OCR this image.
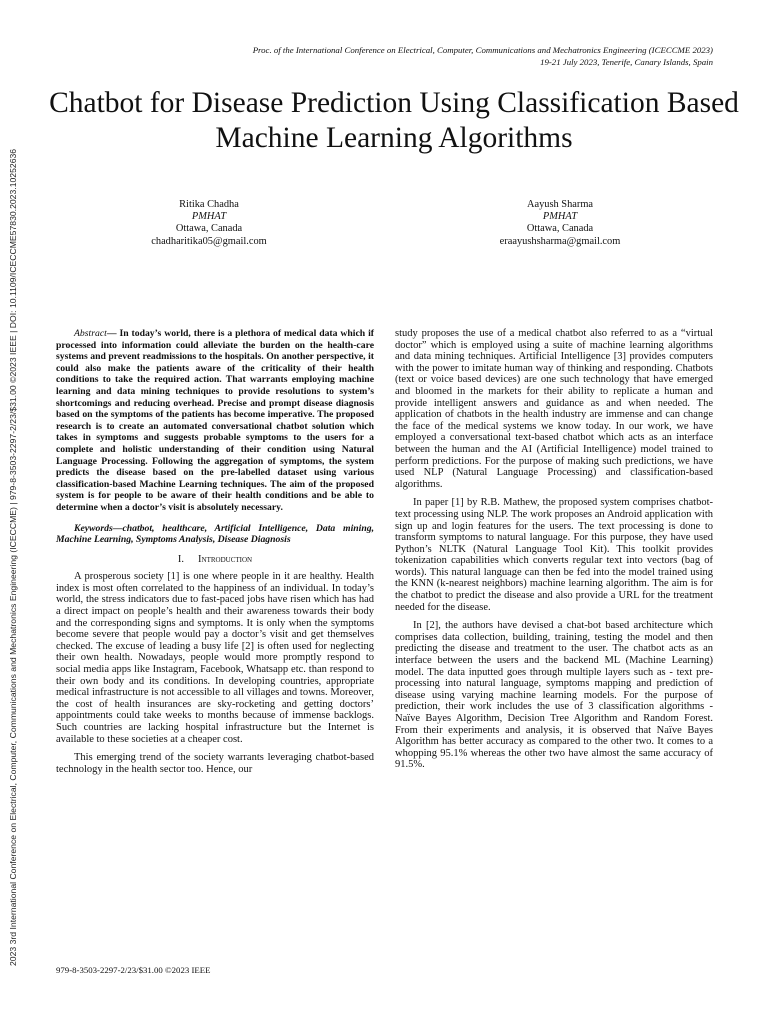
2023 3rd International Conference on Electrical, Computer, Communications and Mechatronics Engineering (ICECCME) | 979-8-3503-2297-2/23/$31.00 ©2023 IEEE | DOI: 10.1109/ICECCME57830.2023.10252636
Proc. of the International Conference on Electrical, Computer, Communications and Mechatronics Engineering (ICECCME 2023)
19-21 July 2023, Tenerife, Canary Islands, Spain
Chatbot for Disease Prediction Using Classification Based Machine Learning Algorithms
Ritika Chadha
PMHAT
Ottawa, Canada
chadharitika05@gmail.com
Aayush Sharma
PMHAT
Ottawa, Canada
eraayushsharma@gmail.com

Abstract— In today’s world, there is a plethora of medical data which if processed into information could alleviate the burden on the health-care systems and prevent readmissions to the hospitals. On another perspective, it could also make the patients aware of the criticality of their health conditions to take the required action. That warrants employing machine learning and data mining techniques to provide resolutions to system’s shortcomings and reducing overhead. Precise and prompt disease diagnosis based on the symptoms of the patients has become imperative. The proposed research is to create an automated conversational chatbot solution which takes in symptoms and suggests probable symptoms to the users for a complete and holistic understanding of their condition using Natural Language Processing. Following the aggregation of symptoms, the system predicts the disease based on the pre-labelled dataset using various classification-based Machine Learning techniques. The aim of the proposed system is for people to be aware of their health conditions and be able to determine when a doctor’s visit is absolutely necessary.

Keywords—chatbot, healthcare, Artificial Intelligence, Data mining, Machine Learning, Symptoms Analysis, Disease Diagnosis

I. Introduction

A prosperous society [1] is one where people in it are healthy. Health index is most often correlated to the happiness of an individual. In today’s world, the stress indicators due to fast-paced jobs have risen which has had a direct impact on people’s health and their awareness towards their body and the corresponding signs and symptoms. It is only when the symptoms become severe that people would pay a doctor’s visit and get themselves checked. The excuse of leading a busy life [2] is often used for neglecting their own health. Nowadays, people would more promptly respond to social media apps like Instagram, Facebook, Whatsapp etc. than respond to their own body and its conditions. In developing countries, appropriate medical infrastructure is not accessible to all villages and towns. Moreover, the cost of health insurances are sky-rocketing and getting doctors’ appointments could take weeks to months because of immense backlogs. Such countries are lacking hospital infrastructure but the Internet is available to these societies at a cheaper cost.

This emerging trend of the society warrants leveraging chatbot-based technology in the health sector too. Hence, our

study proposes the use of a medical chatbot also referred to as a “virtual doctor” which is employed using a suite of machine learning algorithms and data mining techniques. Artificial Intelligence [3] provides computers with the power to imitate human way of thinking and responding. Chatbots (text or voice based devices) are one such technology that have emerged and bloomed in the markets for their ability to replicate a human and provide intelligent answers and guidance as and when needed. The application of chatbots in the health industry are immense and can change the face of the medical systems we know today. In our work, we have employed a conversational text-based chatbot which acts as an interface between the human and the AI (Artificial Intelligence) model trained to perform predictions. For the purpose of making such predictions, we have used NLP (Natural Language Processing) and classification-based algorithms.

In paper [1] by R.B. Mathew, the proposed system comprises chatbot-text processing using NLP. The work proposes an Android application with sign up and login features for the users. The text processing is done to transform symptoms to natural language. For this purpose, they have used Python’s NLTK (Natural Language Tool Kit). This toolkit provides tokenization capabilities which converts regular text into vectors (bag of words). This natural language can then be fed into the model trained using the KNN (k-nearest neighbors) machine learning algorithm. The aim is for the chatbot to predict the disease and also provide a URL for the treatment needed for the disease.

In [2], the authors have devised a chat-bot based architecture which comprises data collection, building, training, testing the model and then predicting the disease and treatment to the user. The chatbot acts as an interface between the users and the backend ML (Machine Learning) model. The data inputted goes through multiple layers such as - text pre-processing into natural language, symptoms mapping and prediction of disease using varying machine learning models. For the purpose of prediction, their work includes the use of 3 classification algorithms - Naïve Bayes Algorithm, Decision Tree Algorithm and Random Forest. From their experiments and analysis, it is observed that Naïve Bayes Algorithm has better accuracy as compared to the other two. It comes to a whopping 95.1% whereas the other two have almost the same accuracy of 91.5%.

979-8-3503-2297-2/23/$31.00 ©2023 IEEE
